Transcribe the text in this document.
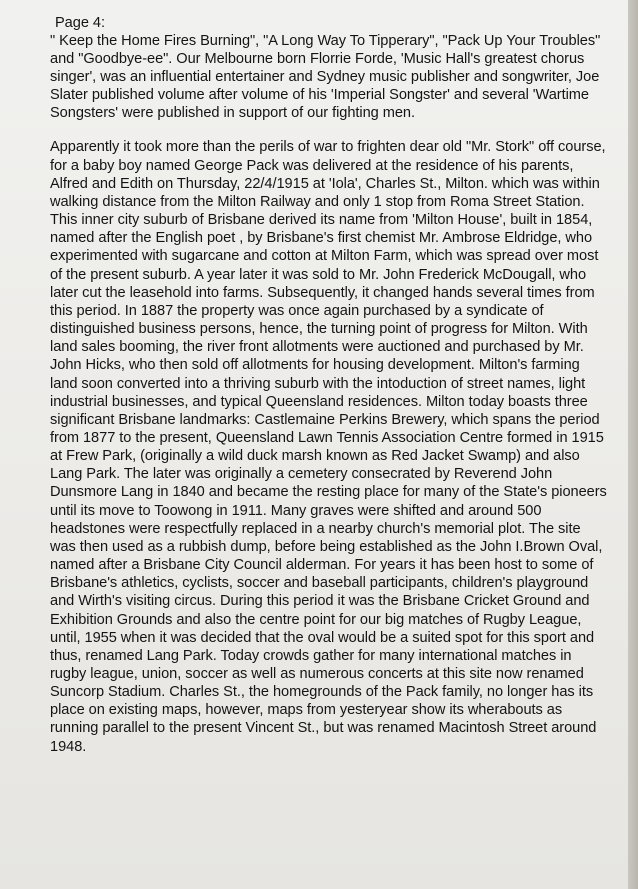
Page 4:

" Keep the Home Fires Burning", "A Long Way To Tipperary", "Pack Up Your Troubles" and "Goodbye-ee". Our Melbourne born Florrie Forde, 'Music Hall's greatest chorus singer', was an influential entertainer and Sydney music publisher and songwriter, Joe Slater published volume after volume of his 'Imperial Songster' and several 'Wartime Songsters' were published in support of our fighting men.

Apparently it took more than the perils of war to frighten dear old "Mr. Stork" off course, for a baby boy named George Pack was delivered at the residence of his parents, Alfred and Edith on Thursday, 22/4/1915 at 'Iola', Charles St., Milton. which was within walking distance from the Milton Railway and only 1 stop from Roma Street Station. This inner city suburb of Brisbane derived its name from 'Milton House', built in 1854, named after the English poet , by Brisbane's first chemist Mr. Ambrose Eldridge, who experimented with sugarcane and cotton at Milton Farm, which was spread over most of the present suburb. A year later it was sold to Mr. John Frederick McDougall, who later cut the leasehold into farms. Subsequently, it changed hands several times from this period. In 1887 the property was once again purchased by a syndicate of distinguished business persons, hence, the turning point of progress for Milton. With land sales booming, the river front allotments were auctioned and purchased by Mr. John Hicks, who then sold off allotments for housing development. Milton's farming land soon converted into a thriving suburb with the intoduction of street names, light industrial businesses, and typical Queensland residences. Milton today boasts three significant Brisbane landmarks: Castlemaine Perkins Brewery, which spans the period from 1877 to the present, Queensland Lawn Tennis Association Centre formed in 1915 at Frew Park, (originally a wild duck marsh known as Red Jacket Swamp) and also Lang Park. The later was originally a cemetery consecrated by Reverend John Dunsmore Lang in 1840 and became the resting place for many of the State's pioneers until its move to Toowong in 1911. Many graves were shifted and around 500 headstones were respectfully replaced in a nearby church's memorial plot. The site was then used as a rubbish dump, before being established as the John I.Brown Oval, named after a Brisbane City Council alderman. For years it has been host to some of Brisbane's athletics, cyclists, soccer and baseball participants, children's playground and Wirth's visiting circus. During this period it was the Brisbane Cricket Ground and Exhibition Grounds and also the centre point for our big matches of Rugby League, until, 1955 when it was decided that the oval would be a suited spot for this sport and thus, renamed Lang Park. Today crowds gather for many international matches in rugby league, union, soccer as well as numerous concerts at this site now renamed Suncorp Stadium. Charles St., the homegrounds of the Pack family, no longer has its place on existing maps, however, maps from yesteryear show its wherabouts as running parallel to the present Vincent St., but was renamed Macintosh Street around 1948.
